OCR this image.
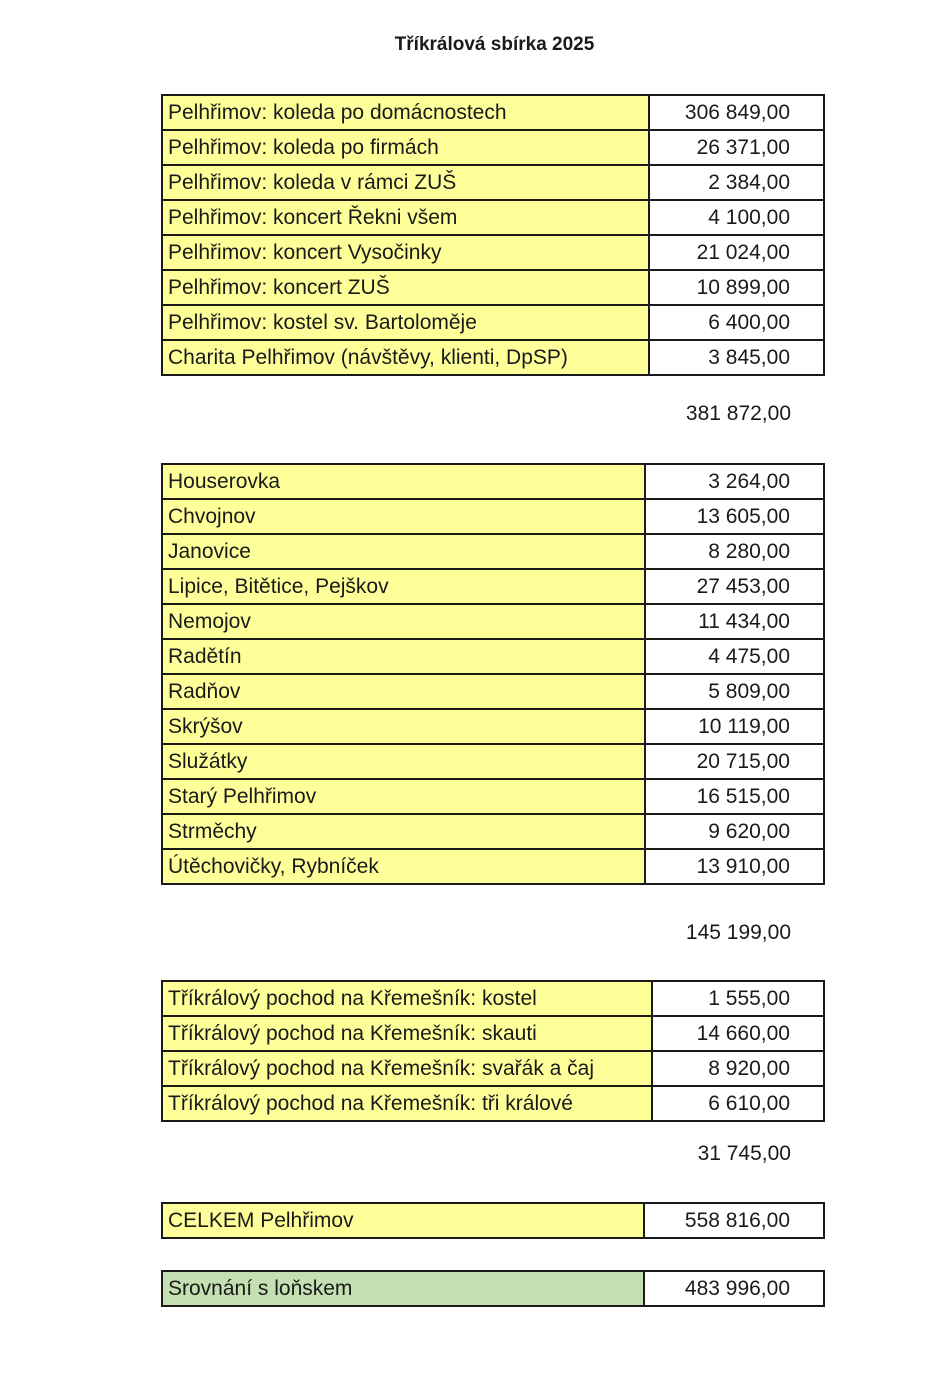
Tříkrálová sbírka 2025
Pelhřimov: koleda po domácnostech	306 849,00
Pelhřimov: koleda po firmách	26 371,00
Pelhřimov: koleda v rámci ZUŠ	2 384,00
Pelhřimov: koncert Řekni všem	4 100,00
Pelhřimov: koncert Vysočinky	21 024,00
Pelhřimov: koncert ZUŠ	10 899,00
Pelhřimov: kostel sv. Bartoloměje	6 400,00
Charita Pelhřimov (návštěvy, klienti, DpSP)	3 845,00
381 872,00
Houserovka	3 264,00
Chvojnov	13 605,00
Janovice	8 280,00
Lipice, Bitětice, Pejškov	27 453,00
Nemojov	11 434,00
Radětín	4 475,00
Radňov	5 809,00
Skrýšov	10 119,00
Služátky	20 715,00
Starý Pelhřimov	16 515,00
Strměchy	9 620,00
Útěchovičky, Rybníček	13 910,00
145 199,00
Tříkrálový pochod na Křemešník: kostel	1 555,00
Tříkrálový pochod na Křemešník: skauti	14 660,00
Tříkrálový pochod na Křemešník: svařák a čaj	8 920,00
Tříkrálový pochod na Křemešník: tři králové	6 610,00
31 745,00
CELKEM Pelhřimov	558 816,00
Srovnání s loňskem	483 996,00
